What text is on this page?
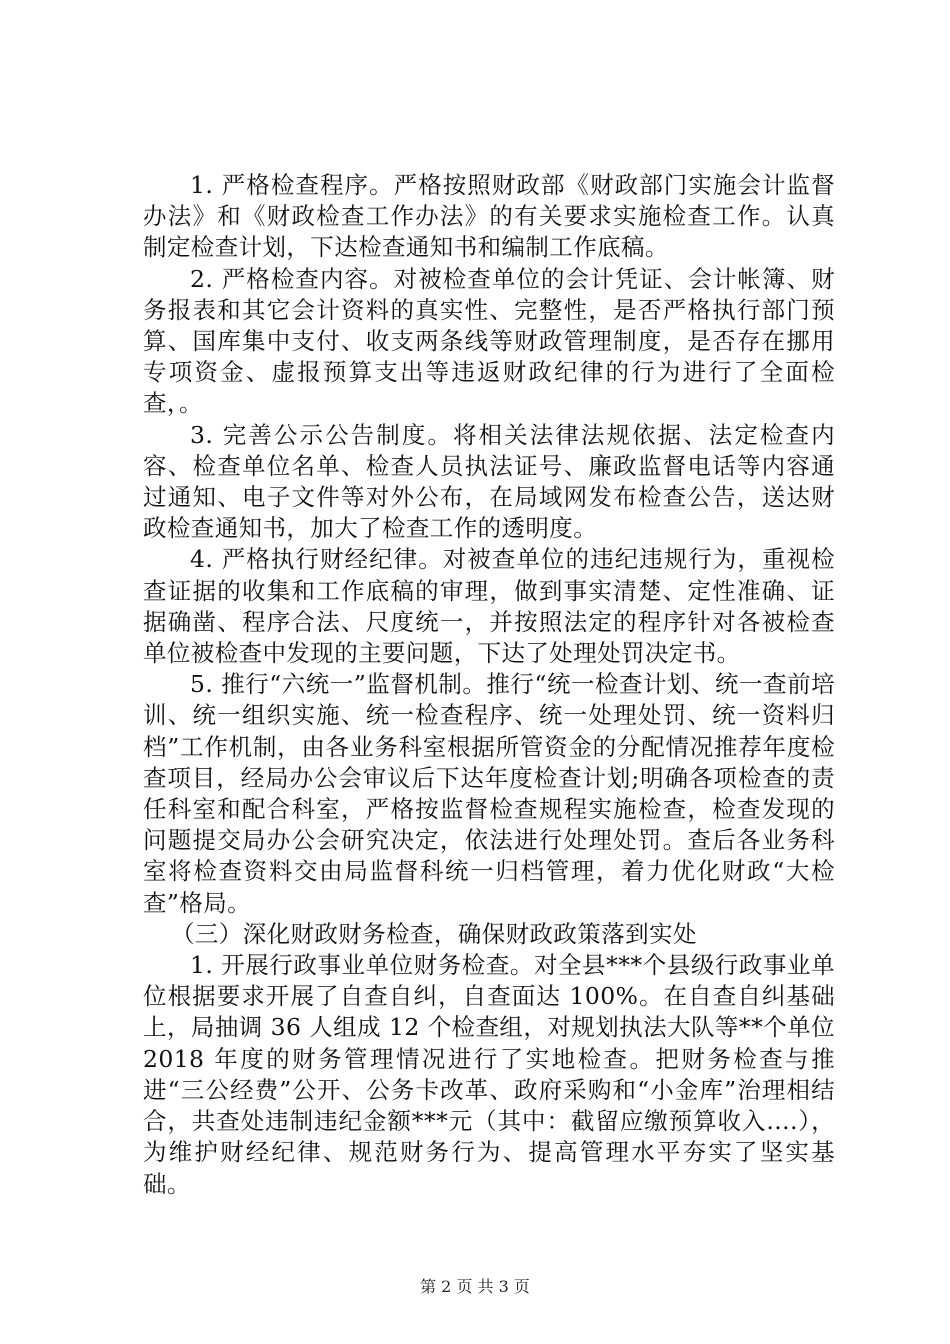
1. 严格检查程序。严格按照财政部《财政部门实施会计监督办法》和《财政检查工作办法》的有关要求实施检查工作。认真制定检查计划，下达检查通知书和编制工作底稿。

2. 严格检查内容。对被检查单位的会计凭证、会计帐簿、财务报表和其它会计资料的真实性、完整性，是否严格执行部门预算、国库集中支付、收支两条线等财政管理制度，是否存在挪用专项资金、虚报预算支出等违返财政纪律的行为进行了全面检查，。

3. 完善公示公告制度。将相关法律法规依据、法定检查内容、检查单位名单、检查人员执法证号、廉政监督电话等内容通过通知、电子文件等对外公布，在局域网发布检查公告，送达财政检查通知书，加大了检查工作的透明度。

4. 严格执行财经纪律。对被查单位的违纪违规行为，重视检查证据的收集和工作底稿的审理，做到事实清楚、定性准确、证据确凿、程序合法、尺度统一，并按照法定的程序针对各被检查单位被检查中发现的主要问题，下达了处理处罚决定书。

5. 推行“六统一”监督机制。推行“统一检查计划、统一查前培训、统一组织实施、统一检查程序、统一处理处罚、统一资料归档”工作机制，由各业务科室根据所管资金的分配情况推荐年度检查项目，经局办公会审议后下达年度检查计划;明确各项检查的责任科室和配合科室，严格按监督检查规程实施检查，检查发现的问题提交局办公会研究决定，依法进行处理处罚。查后各业务科室将检查资料交由局监督科统一归档管理，着力优化财政“大检查”格局。

（三）深化财政财务检查，确保财政政策落到实处

1. 开展行政事业单位财务检查。对全县***个县级行政事业单位根据要求开展了自查自纠，自查面达 100%。在自查自纠基础上，局抽调 36 人组成 12 个检查组，对规划执法大队等**个单位 2018 年度的财务管理情况进行了实地检查。把财务检查与推进“三公经费”公开、公务卡改革、政府采购和“小金库”治理相结合，共查处违制违纪金额***元（其中：截留应缴预算收入....），为维护财经纪律、规范财务行为、提高管理水平夯实了坚实基础。

第 2 页 共 3 页
